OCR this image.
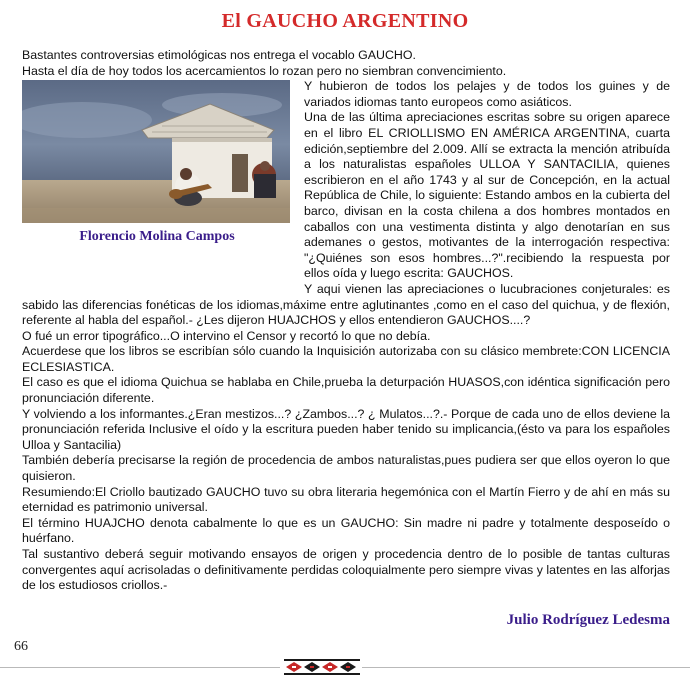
El GAUCHO ARGENTINO

Bastantes controversias etimológicas nos entrega el vocablo GAUCHO.

Hasta el día de hoy todos los acercamientos lo rozan pero no siembran convencimiento.

Florencio Molina Campos

Y hubieron de todos los pelajes y de todos los guines y de variados idiomas tanto europeos como asiáticos.

Una de las última apreciaciones escritas sobre su origen aparece en el libro EL CRIOLLISMO EN AMÉRICA ARGENTINA, cuarta edición,septiembre del 2.009. Allí se extracta la mención atribuída a los naturalistas españoles ULLOA Y SANTACILIA, quienes escribieron en el año 1743 y al sur de Concepción, en la actual República de Chile, lo siguiente: Estando ambos en la cubierta del barco, divisan en la costa chilena a dos hombres montados en caballos con una vestimenta distinta y algo denotarían en sus ademanes o gestos, motivantes de la interrogación respectiva: "¿Quiénes son esos hombres...?".recibiendo la respuesta por ellos oída y luego escrita: GAUCHOS.

Y aqui vienen las apreciaciones o lucubraciones conjeturales: es sabido las diferencias fonéticas de los idiomas,máxime entre aglutinantes ,como en el caso del quichua, y de flexión, referente al habla del español.- ¿Les dijeron HUAJCHOS y ellos entendieron GAUCHOS....?

O fué un error tipográfico...O intervino el Censor y recortó lo que no debía.

Acuerdese que los libros se escribían sólo cuando la Inquisición autorizaba con su clásico membrete:CON LICENCIA ECLESIASTICA.

El caso es que el idioma Quichua se hablaba en Chile,prueba la deturpación HUASOS,con idéntica significación pero pronunciación diferente.

Y volviendo a los informantes.¿Eran mestizos...? ¿Zambos...? ¿ Mulatos...?.- Porque de cada uno de ellos deviene la pronunciación referida Inclusive el oído y la escritura pueden haber tenido su implicancia,(ésto va para los españoles Ulloa y Santacilia)

También debería precisarse la región de procedencia de ambos naturalistas,pues pudiera ser que ellos oyeron lo que quisieron.

Resumiendo:El Criollo bautizado GAUCHO tuvo su obra literaria hegemónica con el Martín Fierro y de ahí en más su eternidad es patrimonio universal.

El término HUAJCHO denota cabalmente lo que es un GAUCHO: Sin madre ni padre y totalmente desposeído o huérfano.

Tal sustantivo deberá seguir motivando ensayos de origen y procedencia dentro de lo posible de tantas culturas convergentes aquí acrisoladas o definitivamente perdidas coloquialmente pero siempre vivas y latentes en las alforjas de los estudiosos criollos.-

Julio Rodríguez Ledesma
66
